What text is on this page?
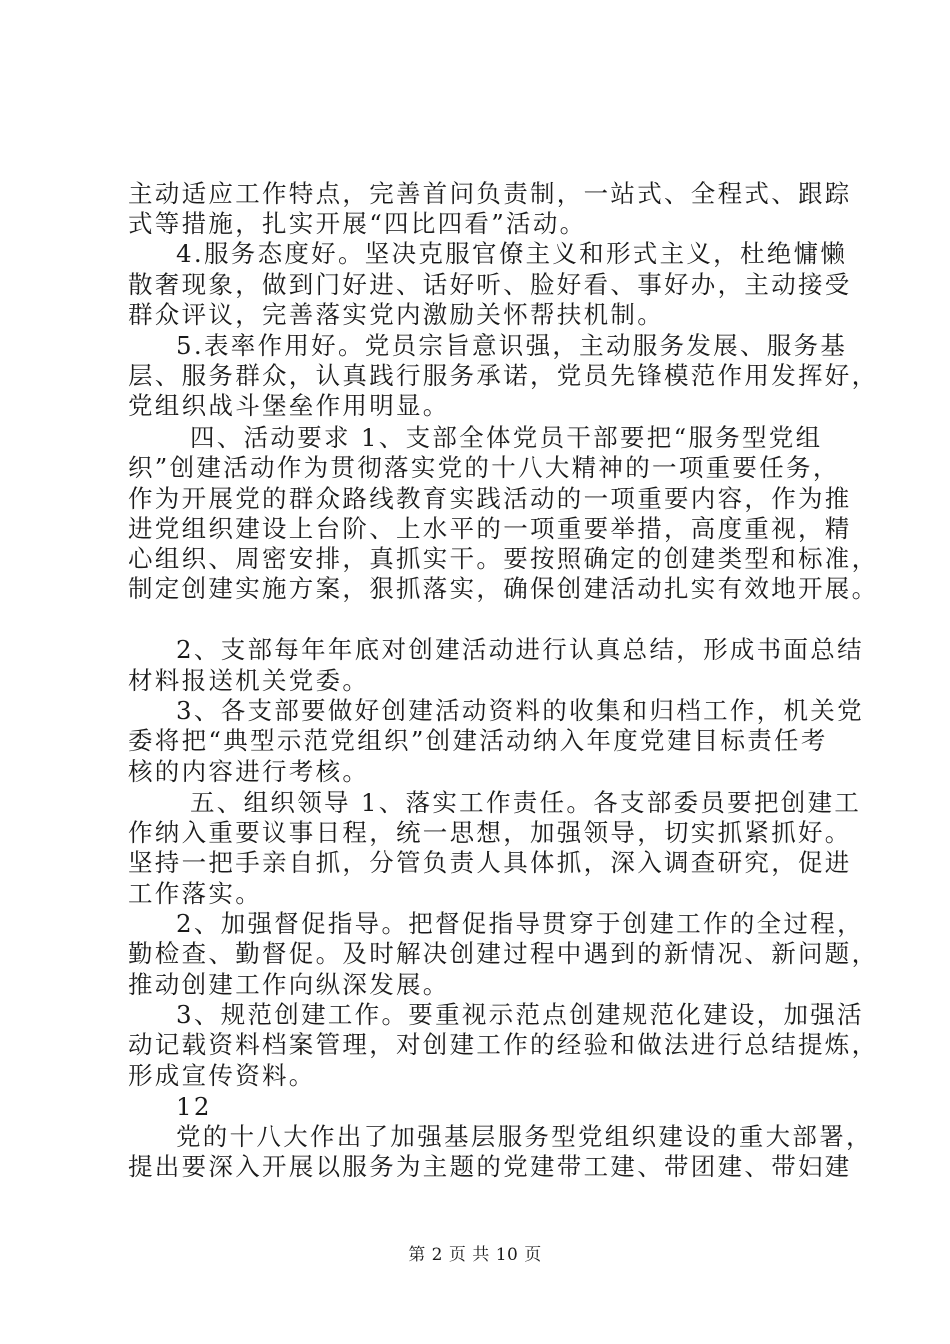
主动适应工作特点，完善首问负责制，一站式、全程式、跟踪
式等措施，扎实开展“四比四看”活动。
4.服务态度好。坚决克服官僚主义和形式主义，杜绝慵懒
散奢现象，做到门好进、话好听、脸好看、事好办，主动接受
群众评议，完善落实党内激励关怀帮扶机制。
5.表率作用好。党员宗旨意识强，主动服务发展、服务基
层、服务群众，认真践行服务承诺，党员先锋模范作用发挥好，
党组织战斗堡垒作用明显。
四、活动要求 1、支部全体党员干部要把“服务型党组
织”创建活动作为贯彻落实党的十八大精神的一项重要任务，
作为开展党的群众路线教育实践活动的一项重要内容，作为推
进党组织建设上台阶、上水平的一项重要举措，高度重视，精
心组织、周密安排，真抓实干。要按照确定的创建类型和标准，
制定创建实施方案，狠抓落实，确保创建活动扎实有效地开展。
2、支部每年年底对创建活动进行认真总结，形成书面总结
材料报送机关党委。
3、各支部要做好创建活动资料的收集和归档工作，机关党
委将把“典型示范党组织”创建活动纳入年度党建目标责任考
核的内容进行考核。
五、组织领导 1、落实工作责任。各支部委员要把创建工
作纳入重要议事日程，统一思想，加强领导，切实抓紧抓好。
坚持一把手亲自抓，分管负责人具体抓，深入调查研究，促进
工作落实。
2、加强督促指导。把督促指导贯穿于创建工作的全过程，
勤检查、勤督促。及时解决创建过程中遇到的新情况、新问题，
推动创建工作向纵深发展。
3、规范创建工作。要重视示范点创建规范化建设，加强活
动记载资料档案管理，对创建工作的经验和做法进行总结提炼，
形成宣传资料。
12
党的十八大作出了加强基层服务型党组织建设的重大部署，
提出要深入开展以服务为主题的党建带工建、带团建、带妇建
第 2 页 共 10 页
